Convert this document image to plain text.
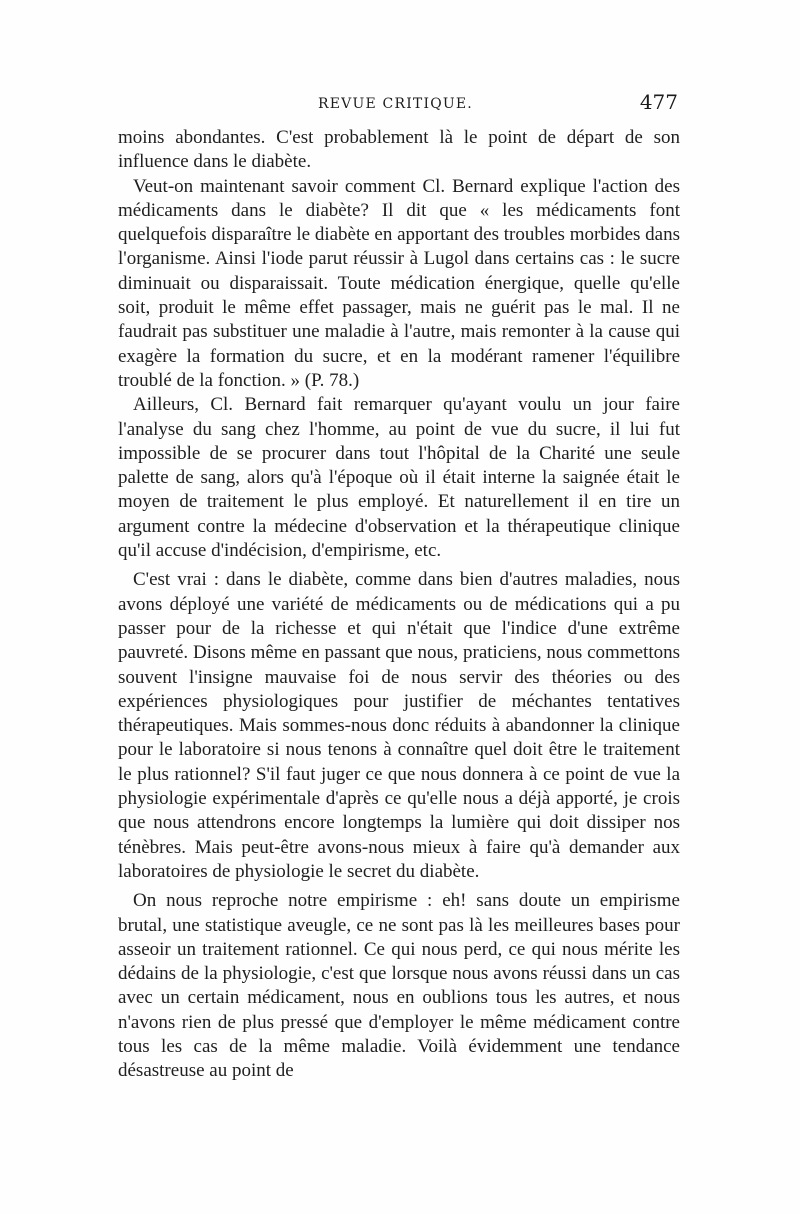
REVUE CRITIQUE.	477

moins abondantes. C'est probablement là le point de départ de son influence dans le diabète.

Veut-on maintenant savoir comment Cl. Bernard explique l'action des médicaments dans le diabète? Il dit que « les médicaments font quelquefois disparaître le diabète en apportant des troubles morbides dans l'organisme. Ainsi l'iode parut réussir à Lugol dans certains cas : le sucre diminuait ou disparaissait. Toute médication énergique, quelle qu'elle soit, produit le même effet passager, mais ne guérit pas le mal. Il ne faudrait pas substituer une maladie à l'autre, mais remonter à la cause qui exagère la formation du sucre, et en la modérant ramener l'équilibre troublé de la fonction. » (P. 78.)

Ailleurs, Cl. Bernard fait remarquer qu'ayant voulu un jour faire l'analyse du sang chez l'homme, au point de vue du sucre, il lui fut impossible de se procurer dans tout l'hôpital de la Charité une seule palette de sang, alors qu'à l'époque où il était interne la saignée était le moyen de traitement le plus employé. Et naturellement il en tire un argument contre la médecine d'observation et la thérapeutique clinique qu'il accuse d'indécision, d'empirisme, etc.

C'est vrai : dans le diabète, comme dans bien d'autres maladies, nous avons déployé une variété de médicaments ou de médications qui a pu passer pour de la richesse et qui n'était que l'indice d'une extrême pauvreté. Disons même en passant que nous, praticiens, nous commettons souvent l'insigne mauvaise foi de nous servir des théories ou des expériences physiologiques pour justifier de méchantes tentatives thérapeutiques. Mais sommes-nous donc réduits à abandonner la clinique pour le laboratoire si nous tenons à connaître quel doit être le traitement le plus rationnel? S'il faut juger ce que nous donnera à ce point de vue la physiologie expérimentale d'après ce qu'elle nous a déjà apporté, je crois que nous attendrons encore longtemps la lumière qui doit dissiper nos ténèbres. Mais peut-être avons-nous mieux à faire qu'à demander aux laboratoires de physiologie le secret du diabète.

On nous reproche notre empirisme : eh! sans doute un empirisme brutal, une statistique aveugle, ce ne sont pas là les meilleures bases pour asseoir un traitement rationnel. Ce qui nous perd, ce qui nous mérite les dédains de la physiologie, c'est que lorsque nous avons réussi dans un cas avec un certain médicament, nous en oublions tous les autres, et nous n'avons rien de plus pressé que d'employer le même médicament contre tous les cas de la même maladie. Voilà évidemment une tendance désastreuse au point de
